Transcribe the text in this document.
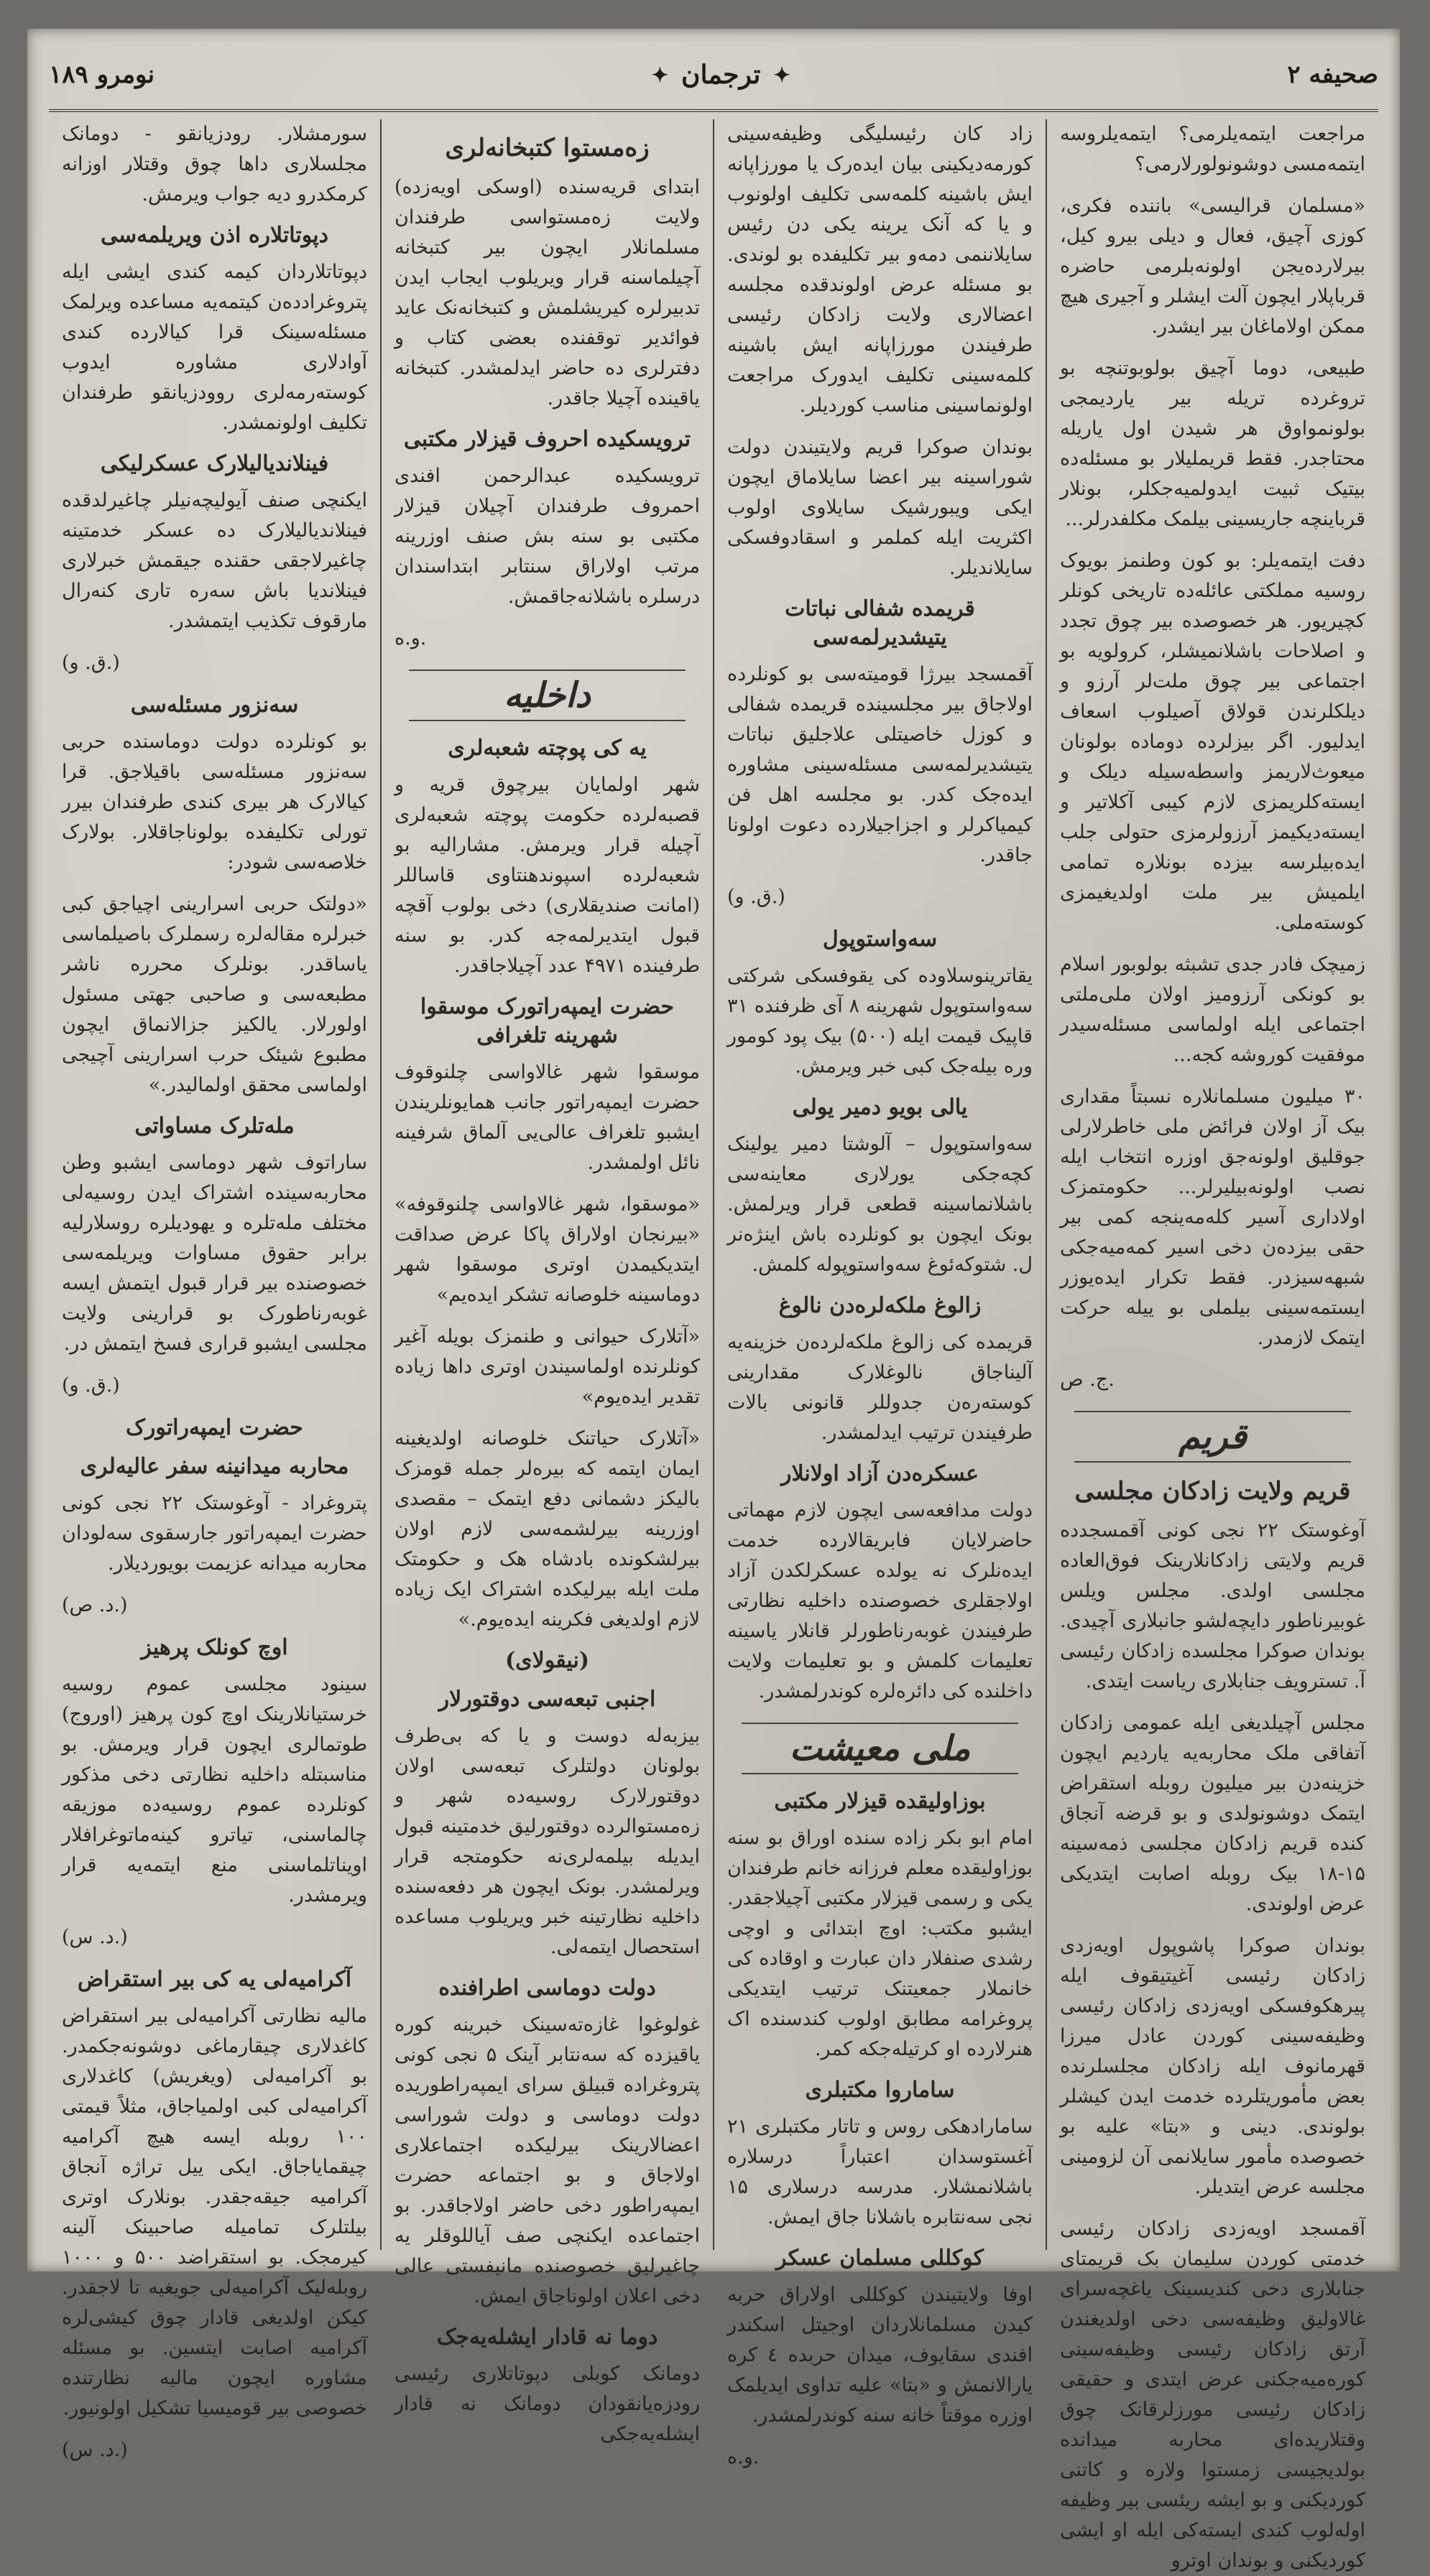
نومرو ۱۸۹	✦ ترجمان ✦	صحیفه ۲

مراجعت ایتمه‌یلرمی؟ ایتمه‌یلروسه ایتمه‌مسی دوشونولورلارمی؟

«مسلمان قرالیسی» باننده فکری، کوزی آچیق، فعال و دیلی بیرو کیل، بیرلارده‌یجن اولونه‌بلرمی حاضره قرباپلار ایچون‌ آلت ایشلر و آجیری هیچ ممکن اولاماغان بیر ایشدر.

طبیعی، دوما آچیق بولوبوتنچه بو تروغرده تریله بیر یاردیمجی بولونمواوق هر شیدن اول یاریله محتاجدر. فقط قریملیلار بو مسئله‌ده بیتیک ثبیت ایدولمیه‌جکلر، بونلار قرباینچه جاریسینی بیلمک مکلفدرلر...

دفت ایتمه‌یلر: بو کون وطنمز بویوک روسیه مملکتی عائله‌ده تاریخی کونلر کچیریور. هر خصوصده بیر چوق تجدد و اصلاحات باشلانمیشلر، کرولویه بو اجتماعی بیر چوق ملت‌لر آرزو و دیلکلرندن قولاق آصیلوب اسعاف ایدلیور. اگر بیزلرده دوماده بولونان میعوث‌لاریمز واسطه‌سیله دیلک و ایسته‌کلریمزی لازم کیبی آکلاتیر و ایسته‌دیکیمز آرزولرمزی حتولی جلب ایده‌بیلرسه بیزده بونلاره تمامی ایلمیش بیر ملت اولدیغیمزی کوسته‌ملی.

زمیچک فادر جدی تشبثه بولوبور اسلام بو کونکی آرزومیز اولان ملی‌ملتی اجتماعی ایله اولماسی مسئله‌سیدر موفقیت کوروشه کجه...

۳۰ میلیون مسلمانلاره نسبتاً مقداری بیک‌ آز اولان فرائض ملی خاطرلارلی جوقلیق اولونه‌جق اوزره انتخاب ایله نصب اولونه‌بیلیرلر... حکومتمزک اولاداری آسیر کله‌مه‌ینجه کمی بیر حقی بیزده‌ن دخی اسیر کمه‌میه‌جکی شبهه‌سیزدر. فقط تکرار ایده‌یوزر ایستمه‌سینی بیلملی بو ییله حرکت ایتمک لازمدر.

ج. ص.

قریم
قریم ولایت زادکان مجلسی

آوغوستک ۲۲ نجی کونی آقمسجدده قریم ولایتی زادکانلارینک فوق‌العاده مجلسی اولدی. مجلس ویلس غوبیرناطور دایچه‌لشو جانبلاری آچیدی. بوندان صوکرا مجلسده زادکان رئیسی آ. تسترویف جنابلاری ریاست ایتدی.

مجلس آچیلدیغی ایله عمومی زادکان آتفاقی ملک محاربه‌یه یاردیم ایچون خزینه‌دن بیر میلیون روبله استقراض ایتمک دوشونولدی و بو قرضه آنجاق کنده قریم زادکان مجلسی ذمه‌سینه ۱۵-۱۸ بیک روبله اصابت ایتدیکی عرض اولوندی.

بوندان صوکرا پاشوپول اویه‌زدی زادکان رئیسی آغیتیقوف ایله پیرهکوفسکی اویه‌زدی زادکان رئیسی وظیفه‌سینی کوردن عادل میرزا قهرمانوف ایله زادکان مجلسلرنده بعض مأموریتلرده خدمت ایدن کیشلر بولوندی. دینی و «بتا» علیه بو خصوصده مأمور سایلانمی آن لزومینی مجلسه عرض ایتدیلر.

آقمسجد اویه‌زدی زادکان رئیسی خدمتی کوردن سلیمان بک قریمتای جنابلاری دخی کندیسینک یاغچه‌سرای غالاولیق وظیفه‌سی دخی اولدیغندن آرتق زادکان رئیسی وظیفه‌سینی کوره‌میه‌جکنی عرض ایتدی و حقیقی زادکان رئیسی مورزلرقانک چوق وقتلاریده‌ای محاربه میدانده بولدیجیسی زمستوا ولاره و کاتنی کوردیکنی و بو ایشه ریئسی بیر وظیفه اوله‌لوب کندی ایسته‌کی ایله او ایشی کوردیکنی و بوندان اوترو

زاد کان رئیسلیگی وظیفه‌سینی کورمه‌دیکینی بیان ایده‌رک یا مورزاپانه ایش باشینه کلمه‌سی تکلیف اولونوب و یا که آنک یرینه یکی دن رئیس سایلاننمی دمه‌و بیر تکلیفده بو لوندی. بو مسئله عرض اولوندقده مجلسه اعضالاری ولایت زادکان رئیسی طرفیندن مورزاپانه ایش باشینه کلمه‌سینی تکلیف ایدورک مراجعت اولونماسینی مناسب کوردیلر.

بوندان صوکرا قریم ولایتیندن دولت شوراسینه بیر اعضا سایلاماق ایچون ایکی ویبورشیک سایلاوی اولوب اکثریت ایله کملمر و اسقادوفسکی سایلاندیلر.

قریمده شفالی نباتات یتیشدیرلمه‌سی

آقمسجد بیرژا قومیته‌سی بو کونلرده اولاجاق بیر مجلسینده قریمده شفالی و کوزل خاصیتلی علاجلیق نباتات یتیشدیرلمه‌سی مسئله‌سینی مشاوره ایده‌جک کدر. بو مجلسه اهل فن کیمیاکرلر و اجزاجیلارده دعوت اولونا جاقدر.

(ق. و.)

سه‌واستوپول

یقاترینوسلاوده کی یقوفسکی شرکتی سه‌واستوپول شهرینه ۸ آی ظرفنده ۳۱ قاپیک قیمت ایله (۵۰۰) بیک پود کومور وره بیله‌جک کبی خبر ویرمش.

یالی بویو دمیر یولی

سه‌واستوپول – آلوشتا دمیر یولینک کچه‌جکی یورلاری معاینه‌سی باشلانماسینه قطعی قرار ویرلمش. بونک ایچون بو کونلرده باش اینژه‌نر ل. شتوکه‌ئوغ سه‌واستوپوله کلمش.

زالوغ ملکه‌لره‌دن نالوغ

قریمده کی زالوغ ملکه‌لرده‌ن خزینه‌یه آلیناجاق نالوغلارک مقدارینی کوسته‌ره‌ن جدوللر قانونی بالات طرفیندن ترتیب ایدلمشدر.

عسکره‌دن آزاد اولانلار

دولت مدافعه‌سی ایچون لازم مهماتی حاضرلایان فابریقالارده خدمت ایده‌نلرک نه یولده عسکرلکدن آزاد اولاجقلری خصوصنده داخلیه نظارتی طرفیندن غوبه‌رناطورلر قانلار یاسینه تعلیمات کلمش و بو تعلیمات ولایت داخلنده کی دائره‌لره کوندرلمشدر.

ملی معیشت
بوزاولیقده قیزلار مکتبی

امام ابو بکر زاده سنده اوراق بو سنه بوزاولیقده معلم فرزانه خانم طرفندان یکی و رسمی قیزلار مکتبی آچیلاجقدر. ایشبو مکتب: اوچ ابتدائی و اوچی رشدی صنفلار دان عبارت و اوقاده کی خانملار جمعیتنک ترتیب ایتدیکی پروغرامه مطابق اولوب کندسنده اک هنرلارده او کرتیله‌جکه کمر.

ساماروا مکتبلری

سامارادهکی روس و تاتار مکتبلری ۲۱ آغستوسدان اعتباراً درسلاره باشلانمشلار. مدرسه درسلاری ۱۵ نجی سه‌نتابره باشلانا جاق ایمش.

کوکللی مسلمان عسکر

اوفا ولایتیندن کوکللی اولاراق حربه کیدن مسلمانلاردان اوجیتل اسکندر افندی سقایوف، میدان حربده ٤ کره یارالانمش و «بتا» علیه تداوی ایدیلمک اوزره موقتاً خانه سنه کوندرلمشدر.

و.ه.

زه‌مستوا کتبخانه‌لری

ابتدای قریه‌سنده (اوسکی اویه‌زده) ولایت زه‌مستواسی طرفندان مسلمانلار ایچون بیر کتبخانه آچیلماسنه قرار ویریلوب ایجاب ایدن تدبیرلره کیریشلمش و کتبخانه‌نک عاید فوائدیر توقفنده بعضی کتاب و دفترلری ده حاضر ایدلمشدر. کتبخانه یاقینده آچیلا جاقدر.

ترویسکیده احروف قیزلار مکتبی

ترویسکیده عبدالرحمن افندی احمروف طرفندان آچیلان قیزلار مکتبی بو سنه بش صنف اوزرینه مرتب اولاراق سنتابر ابتداسندان درسلره باشلانه‌جاقمش.

و.ه.

داخلیه
یه کی پوچته شعبه‌لری

شهر اولمایان بیرچوق قریه و قصبه‌لرده حکومت پوچته شعبه‌لری آچیله قرار ویرمش. مشارالیه بو شعبه‌لرده اسپوندهنتاوی قاساللر (امانت صندیقلاری) دخی بولوب آقچه قبول ایتدیرلمه‌جه کدر. بو سنه طرفینده ۴۹۷۱ عدد آچیلاجاقدر.

حضرت ایمپه‌راتورک موسقوا شهرینه تلغرافی

موسقوا شهر غالاواسی چلنوقوف حضرت ایمپه‌راتور جانب همایونلریندن ایشبو تلغراف عالی‌یی آلماق شرفینه نائل اولمشدر.

«موسقوا، شهر غالاواسی چلنوقوفه» «بیرنجان اولاراق پاکا عرض صداقت ایتدیکیمدن اوتری موسقوا شهر دوماسینه خلوصانه تشکر ایده‌یم»

«آتلارک حیوانی و طنمزک بویله آغیر کونلرنده اولماسیندن اوتری داها زیاده تقدیر ایده‌یوم»

«آتلارک حیاتنک خلوصانه اولدیغینه ایمان ایتمه که بیره‌لر جمله قومزک بالیکز دشمانی دفع ایتمک – مقصدی اوزرینه بیرلشمه‌سی لازم اولان بیرلشکونده بادشاه هک و حکومتک ملت ایله بیرلیکده اشتراک ایک زیاده لازم اولدیغی فکرینه ایده‌یوم.»

(نیقولای)
اجنبی تبعه‌سی دوقتورلار

بیزبه‌له دوست و یا که بی‌طرف بولونان دولتلرک تبعه‌سی اولان دوقتورلارک روسیه‌ده شهر و زه‌مستوالرده دوقتورلیق خدمتینه قبول ایدیله بیلمه‌لری‌نه حکومتجه قرار ویرلمشدر. بونک ایچون هر دفعه‌سنده داخلیه نظارتینه خبر ویریلوب مساعده استحصال ایتمه‌لی.

دولت دوماسی اطرافنده

غولوغوا غازه‌ته‌سینک خبرینه کوره یاقیزده که سه‌نتابر آینک ۵ نجی کونی پتروغراده قبیلق سرای ایمپه‌راطوریده دولت دوماسی و دولت شوراسی اعضالارینک بیرلیکده اجتماعلاری اولاجاق و بو اجتماعه حضرت ایمپه‌راطور دخی حاضر اولاجاقدر. بو اجتماعده ایکنچی صف آیاللوقلر یه چاغیرلیق خصوصنده مانیفستی عالی دخی اعلان اولوناجاق ایمش.

دوما نه قادار ایشله‌یه‌جک

دومانک کوبلی دپوتاتلاری رئیسی رودزه‌یانقودان دومانک نه قادار ایشله‌یه‌جکی

سورمشلار. رودزیانقو - دومانک مجلسلاری داها چوق وقتلار اوزانه کرمکدرو دیه جواب ویرمش.

دپوتاتلاره اذن ویریلمه‌سی

دپوتاتلاردان کیمه کندی ایشی ایله پتروغرادده‌ن کیتمه‌یه مساعده ویرلمک مسئله‌سینک قرا کیالارده کندی آوادلاری مشاوره ایدوب کوسته‌رمه‌لری روودزیانقو طرفندان تکلیف اولونمشدر.

فینلاندیالیلارک عسکرلیکی

ایکنچی صنف آیولیچه‌نیلر چاغیرلدقده فینلاندیالیلارک ده عسکر خدمتینه چاغیرلاجقی حقنده جیقمش خبرلاری فینلاندیا باش سه‌ره تاری کنه‌رال مارقوف تکذیب ایتمشدر.

(ق. و.)

سه‌نزور مسئله‌سی

بو کونلرده دولت دوماسنده حربی سه‌نزور مسئله‌سی باقیلاجق. قرا کیالارک هر بیری کندی طرفندان بیرر تورلی تکلیفده بولوناجاقلار. بولارک خلاصه‌سی شودر:

«دولتک حربی اسرارینی اچیاجق کبی خبرلره مقاله‌لره رسملرک باصیلماسی یاساقدر. بونلرک محرره ناشر مطبعه‌سی و صاحبی جهتی مسئول اولورلار. یالکیز جزالانماق ایچون مطبوع شیئک حرب اسرارینی آچیجی اولماسی محقق اولمالیدر.»

مله‌تلرک مساواتی

ساراتوف شهر دوماسی ایشبو وطن محاربه‌سینده اشتراک ایدن روسیه‌لی مختلف مله‌تلره و یهودیلره روسلارلیه برابر حقوق مساوات ویریلمه‌سی خصوصنده بیر قرار قبول ایتمش ایسه غوبه‌رناطورک بو قرارینی ولایت مجلسی ایشبو قراری فسخ ایتمش در.

(ق. و.)

حضرت ایمپه‌راتورک
محاربه میدانینه سفر عالیه‌لری

پتروغراد - آوغوستک ۲۲ نجی کونی حضرت ایمپه‌راتور جارسقوی سه‌لودان محاربه میدانه عزیمت بویوردیلار.

(د. ص.)

اوچ کونلک پرهیز

سینود مجلسی عموم روسیه خرستیانلارینک اوچ کون پرهیز (اوروج) طوتمالری ایچون قرار ویرمش. بو مناسبتله داخلیه نظارتی دخی مذکور کونلرده عموم روسیه‌ده موزیقه چالماسنی، تیاترو کینه‌ماتوغرافلار اویناتلماسنی منع ایتمه‌یه قرار ویرمشدر.

(د. س.)

آکرامیه‌لی یه کی بیر استقراض

مالیه نظارتی آکرامیه‌لی بیر استقراض کاغدلاری چیقارماغی دوشونه‌جکمدر. بو آکرامیه‌لی (ویغریش) کاغدلاری آکرامیه‌لی کبی اولمیاجاق، مثلاً قیمتی ۱۰۰ روبله ایسه هیچ آکرامیه چیقمایاجاق. ایکی ییل تراژه آنجاق آکرامیه جیقه‌جقدر. بونلارک اوتری بیلتلرک تمامیله صاحبینک آلینه کیرمجک. بو استقراضد ۵۰۰ و ۱۰۰۰ روبله‌لیک آکرامیه‌لی جویغیه تا لاجقدر. کیکن اولدیغی قادار چوق کیشی‌لره آکرامیه اصابت ایتسین. بو مسئله مشاوره ایچون مالیه نظارتنده خصوصی بیر قومیسیا تشکیل اولونیور.

(د. س.)
